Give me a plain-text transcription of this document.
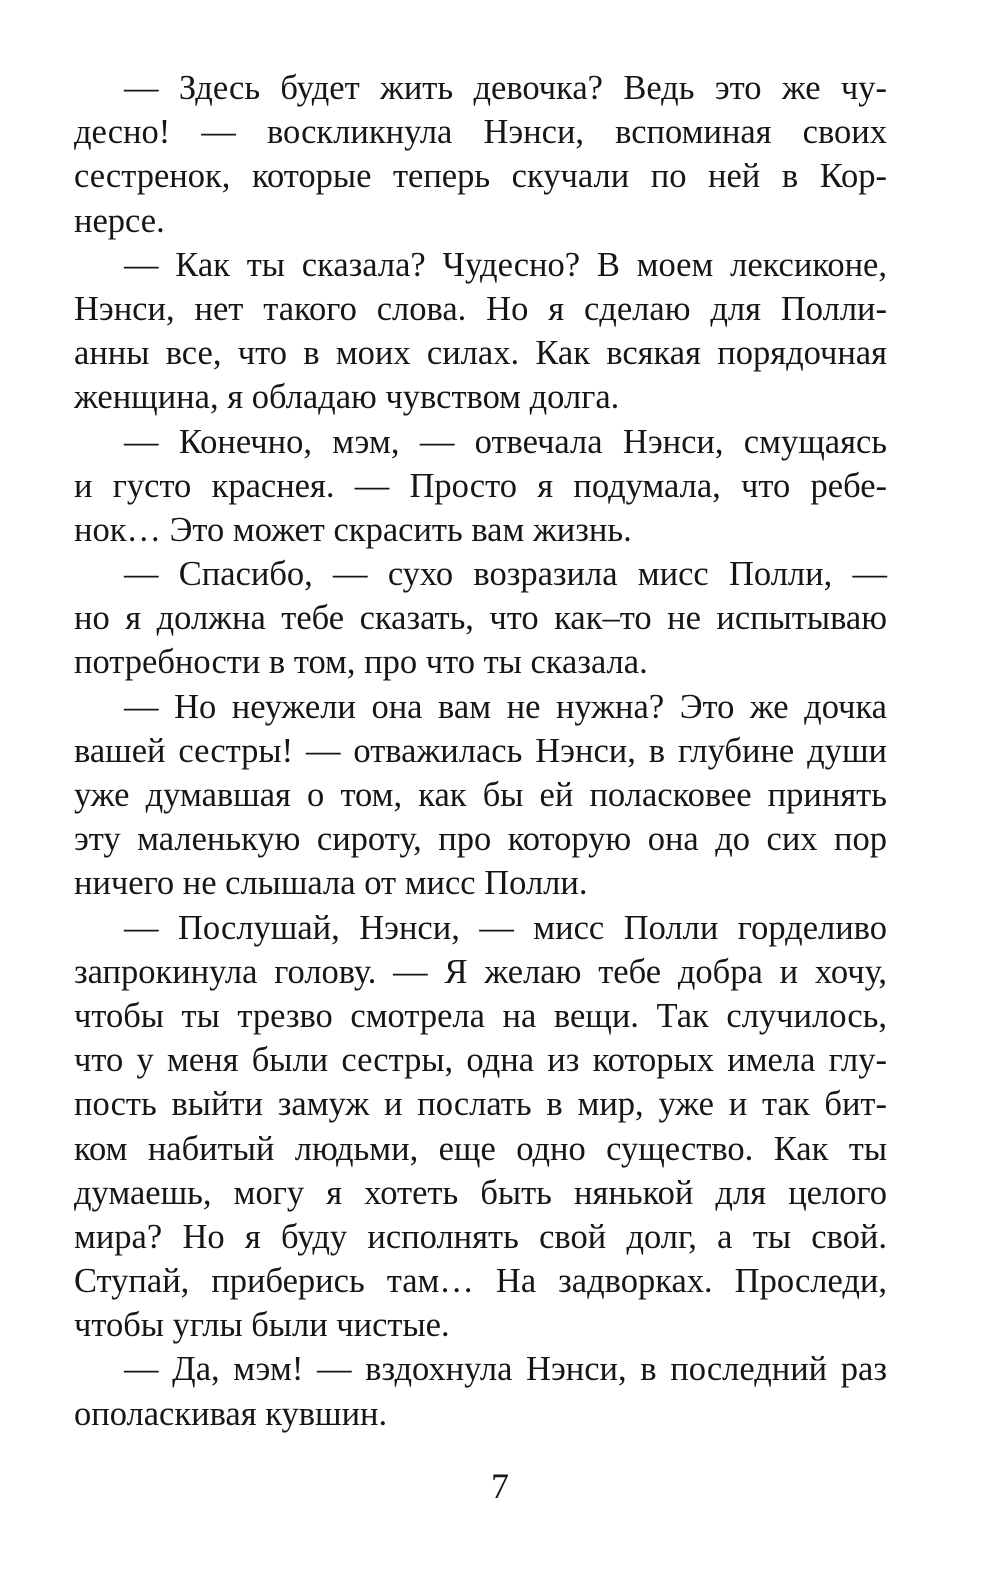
— Здесь будет жить девочка? Ведь это же чу-
десно! — воскликнула Нэнси, вспоминая своих
сестренок, которые теперь скучали по ней в Кор-
нерсе.
— Как ты сказала? Чудесно? В моем лексиконе,
Нэнси, нет такого слова. Но я сделаю для Полли-
анны все, что в моих силах. Как всякая порядочная
женщина, я обладаю чувством долга.
— Конечно, мэм, — отвечала Нэнси, смущаясь
и густо краснея. — Просто я подумала, что ребе-
нок… Это может скрасить вам жизнь.
— Спасибо, — сухо возразила мисс Полли, —
но я должна тебе сказать, что как–то не испытываю
потребности в том, про что ты сказала.
— Но неужели она вам не нужна? Это же дочка
вашей сестры! — отважилась Нэнси, в глубине души
уже думавшая о том, как бы ей поласковее принять
эту маленькую сироту, про которую она до сих пор
ничего не слышала от мисс Полли.
— Послушай, Нэнси, — мисс Полли горделиво
запрокинула голову. — Я желаю тебе добра и хочу,
чтобы ты трезво смотрела на вещи. Так случилось,
что у меня были сестры, одна из которых имела глу-
пость выйти замуж и послать в мир, уже и так бит-
ком набитый людьми, еще одно существо. Как ты
думаешь, могу я хотеть быть нянькой для целого
мира? Но я буду исполнять свой долг, а ты свой.
Ступай, приберись там… На задворках. Проследи,
чтобы углы были чистые.
— Да, мэм! — вздохнула Нэнси, в последний раз
ополаскивая кувшин.
7
